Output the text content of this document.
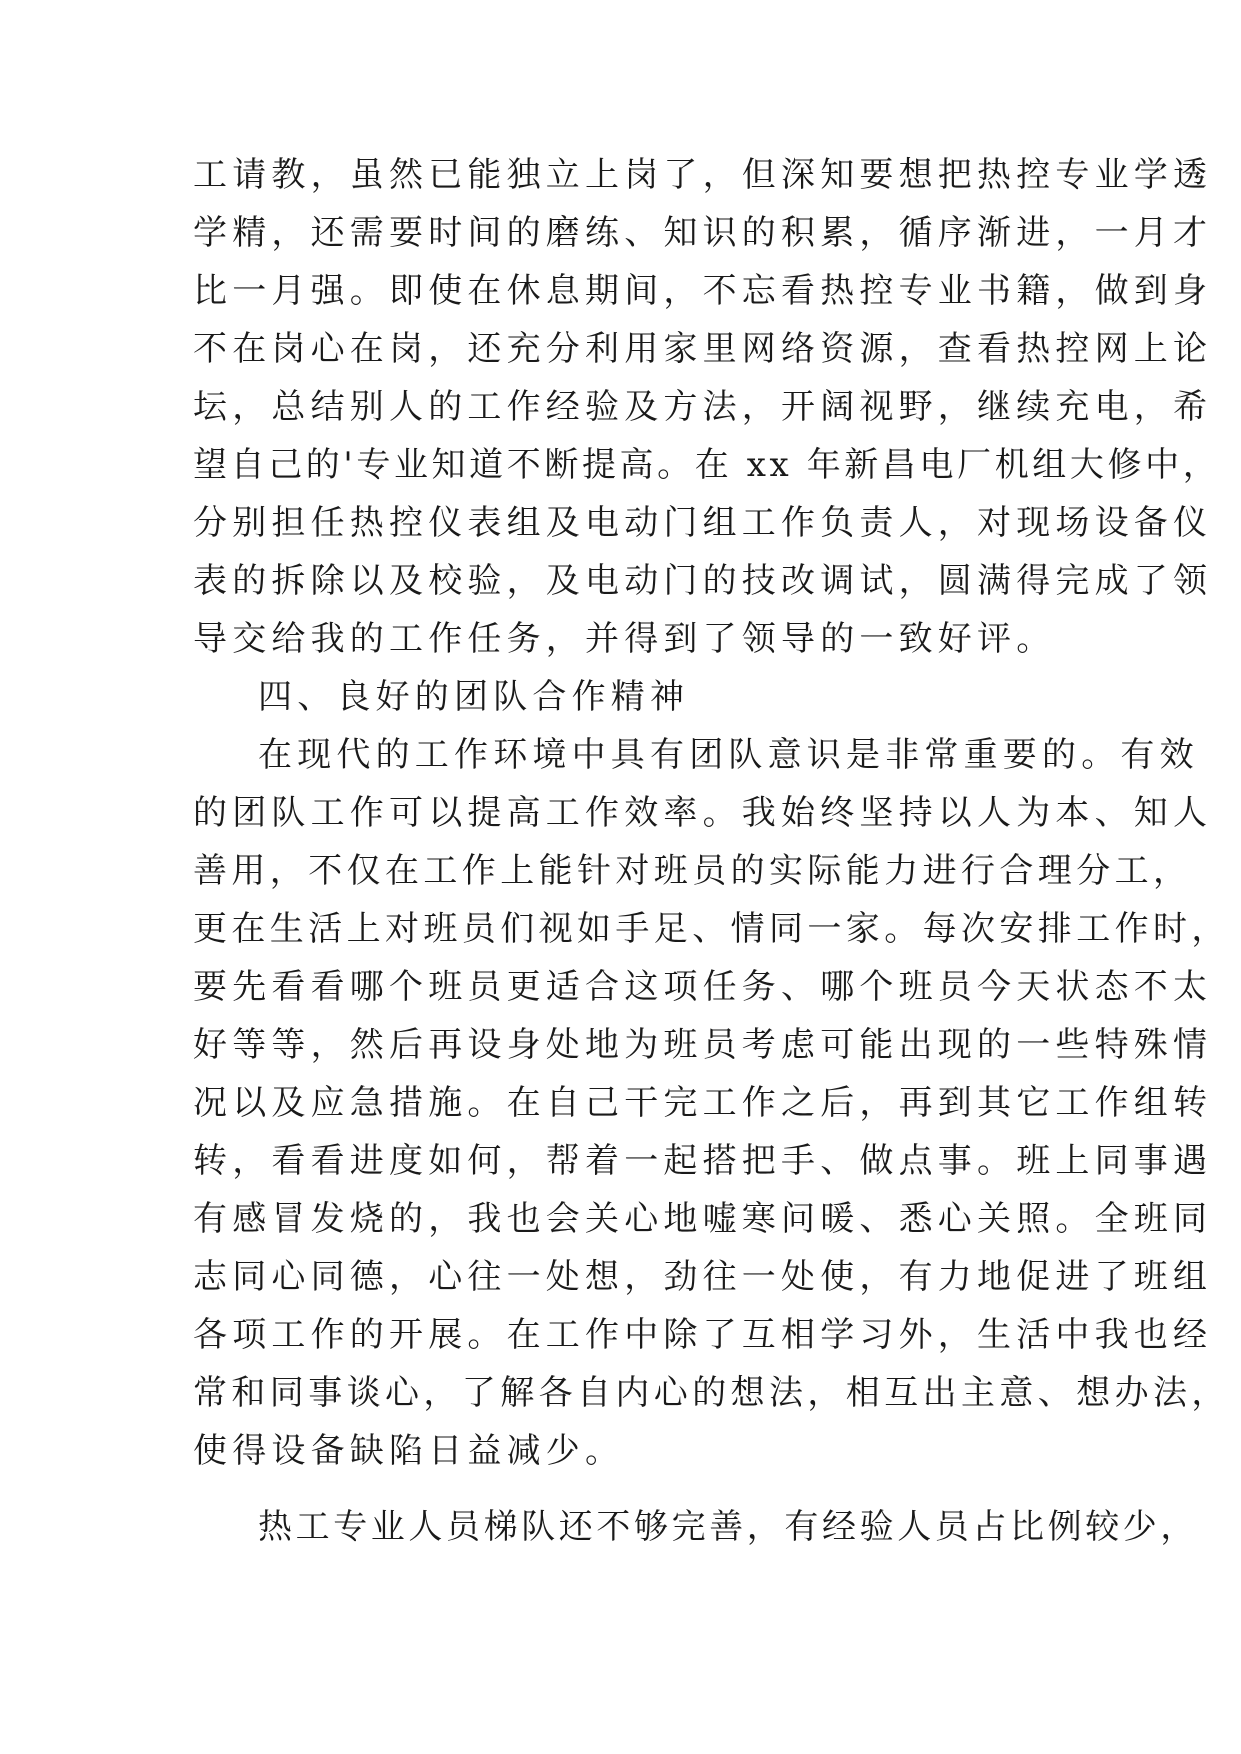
工请教，虽然已能独立上岗了，但深知要想把热控专业学透
学精，还需要时间的磨练、知识的积累，循序渐进，一月才
比一月强。即使在休息期间，不忘看热控专业书籍，做到身
不在岗心在岗，还充分利用家里网络资源，查看热控网上论
坛，总结别人的工作经验及方法，开阔视野，继续充电，希
望自己的'专业知道不断提高。在 xx 年新昌电厂机组大修中，
分别担任热控仪表组及电动门组工作负责人，对现场设备仪
表的拆除以及校验，及电动门的技改调试，圆满得完成了领
导交给我的工作任务，并得到了领导的一致好评。
四、良好的团队合作精神
在现代的工作环境中具有团队意识是非常重要的。有效
的团队工作可以提高工作效率。我始终坚持以人为本、知人
善用，不仅在工作上能针对班员的实际能力进行合理分工，
更在生活上对班员们视如手足、情同一家。每次安排工作时，
要先看看哪个班员更适合这项任务、哪个班员今天状态不太
好等等，然后再设身处地为班员考虑可能出现的一些特殊情
况以及应急措施。在自己干完工作之后，再到其它工作组转
转，看看进度如何，帮着一起搭把手、做点事。班上同事遇
有感冒发烧的，我也会关心地嘘寒问暖、悉心关照。全班同
志同心同德，心往一处想，劲往一处使，有力地促进了班组
各项工作的开展。在工作中除了互相学习外，生活中我也经
常和同事谈心，了解各自内心的想法，相互出主意、想办法，
使得设备缺陷日益减少。
热工专业人员梯队还不够完善，有经验人员占比例较少，
